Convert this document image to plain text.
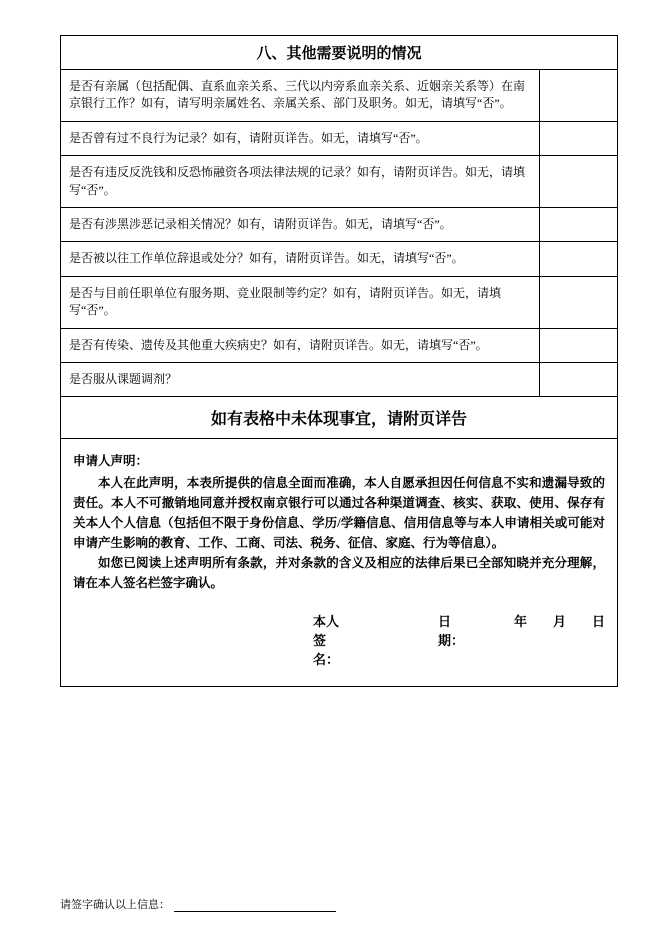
八、其他需要说明的情况
是否有亲属（包括配偶、直系血亲关系、三代以内旁系血亲关系、近姻亲关系等）在南京银行工作？如有，请写明亲属姓名、亲属关系、部门及职务。如无，请填写“否”。
是否曾有过不良行为记录？如有，请附页详告。如无，请填写“否”。
是否有违反反洗钱和反恐怖融资各项法律法规的记录？如有，请附页详告。如无，请填写“否”。
是否有涉黑涉恶记录相关情况？如有，请附页详告。如无，请填写“否”。
是否被以往工作单位辞退或处分？如有，请附页详告。如无，请填写“否”。
是否与目前任职单位有服务期、竞业限制等约定？如有，请附页详告。如无，请填写“否”。
是否有传染、遗传及其他重大疾病史？如有，请附页详告。如无，请填写“否”。
是否服从课题调剂？
如有表格中未体现事宜，请附页详告

申请人声明：

本人在此声明，本表所提供的信息全面而准确，本人自愿承担因任何信息不实和遗漏导致的责任。本人不可撤销地同意并授权南京银行可以通过各种渠道调查、核实、获取、使用、保存有关本人个人信息（包括但不限于身份信息、学历/学籍信息、信用信息等与本人申请相关或可能对申请产生影响的教育、工作、工商、司法、税务、征信、家庭、行为等信息）。

如您已阅读上述声明所有条款，并对条款的含义及相应的法律后果已全部知晓并充分理解，请在本人签名栏签字确认。

本人签名：
日期：
年 月 日
请签字确认以上信息：
